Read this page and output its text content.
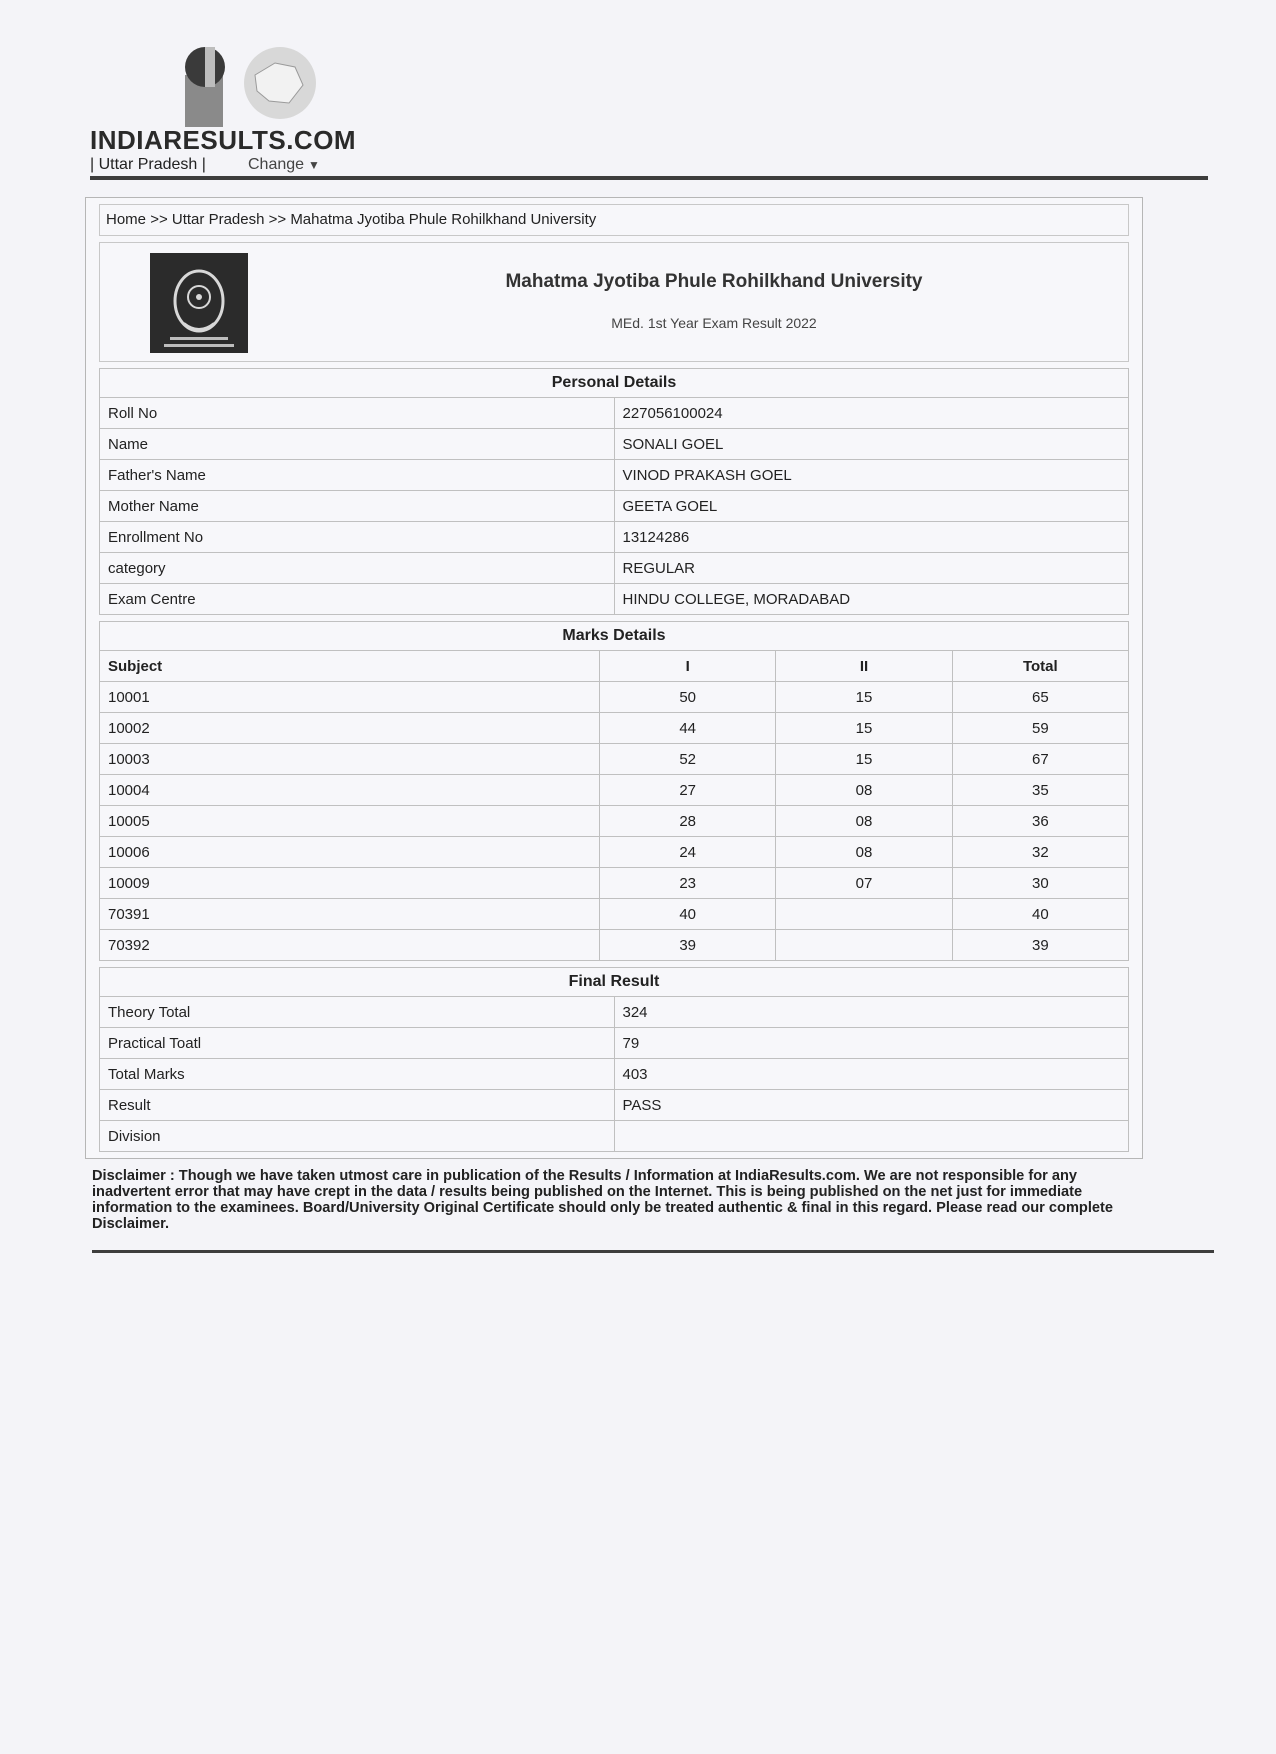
INDIARESULTS.COM
| Uttar Pradesh |	Change ▼
Home >> Uttar Pradesh >> Mahatma Jyotiba Phule Rohilkhand University
Mahatma Jyotiba Phule Rohilkhand University
MEd. 1st Year Exam Result 2022
Personal Details	
Roll No	227056100024
Name	SONALI GOEL
Father's Name	VINOD PRAKASH GOEL
Mother Name	GEETA GOEL
Enrollment No	13124286
category	REGULAR
Exam Centre	HINDU COLLEGE, MORADABAD
Marks Details			
Subject	I	II	Total
10001	50	15	65
10002	44	15	59
10003	52	15	67
10004	27	08	35
10005	28	08	36
10006	24	08	32
10009	23	07	30
70391	40		40
70392	39		39
Final Result	
Theory Total	324
Practical Toatl	79
Total Marks	403
Result	PASS
Division	
Disclaimer : Though we have taken utmost care in publication of the Results / Information at IndiaResults.com. We are not responsible for any inadvertent error that may have crept in the data / results being published on the Internet. This is being published on the net just for immediate information to the examinees. Board/University Original Certificate should only be treated authentic & final in this regard. Please read our complete Disclaimer.
